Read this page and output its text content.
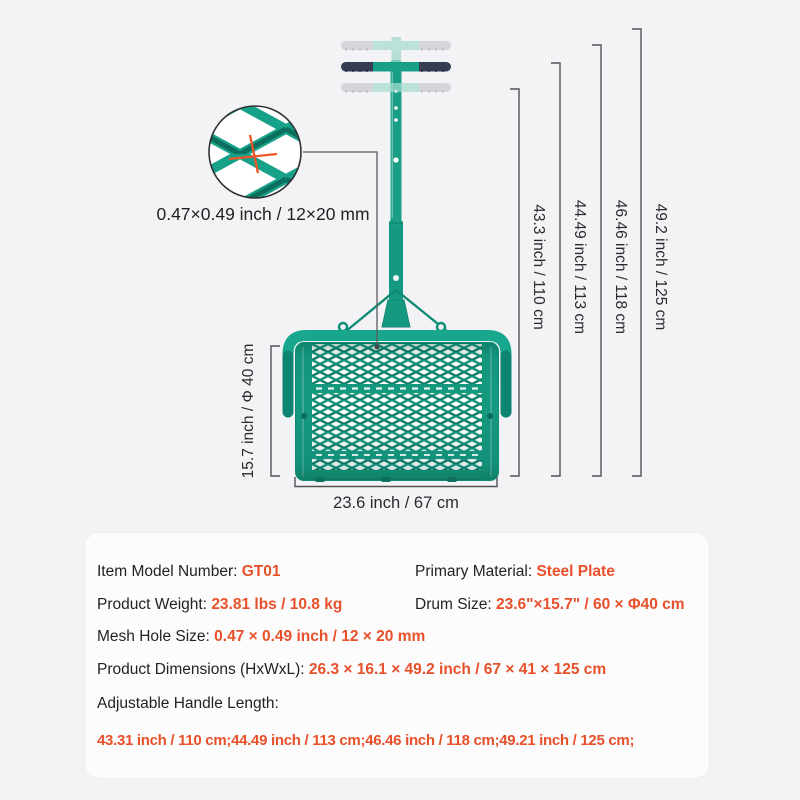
0.47×0.49 inch / 12×20 mm
15.7 inch / Φ 40 cm
23.6 inch / 67 cm
43.3 inch / 110 cm 44.49 inch / 113 cm 46.46 inch / 118 cm 49.2 inch / 125 cm
Item Model Number: GT01	Primary Material: Steel Plate
Product Weight: 23.81 lbs / 10.8 kg	Drum Size: 23.6"×15.7" / 60 × Φ40 cm
Mesh Hole Size: 0.47 × 0.49 inch / 12 × 20 mm
Product Dimensions (HxWxL): 26.3 × 16.1 × 49.2 inch / 67 × 41 × 125 cm
Adjustable Handle Length:
43.31 inch / 110 cm;44.49 inch / 113 cm;46.46 inch / 118 cm;49.21 inch / 125 cm;
